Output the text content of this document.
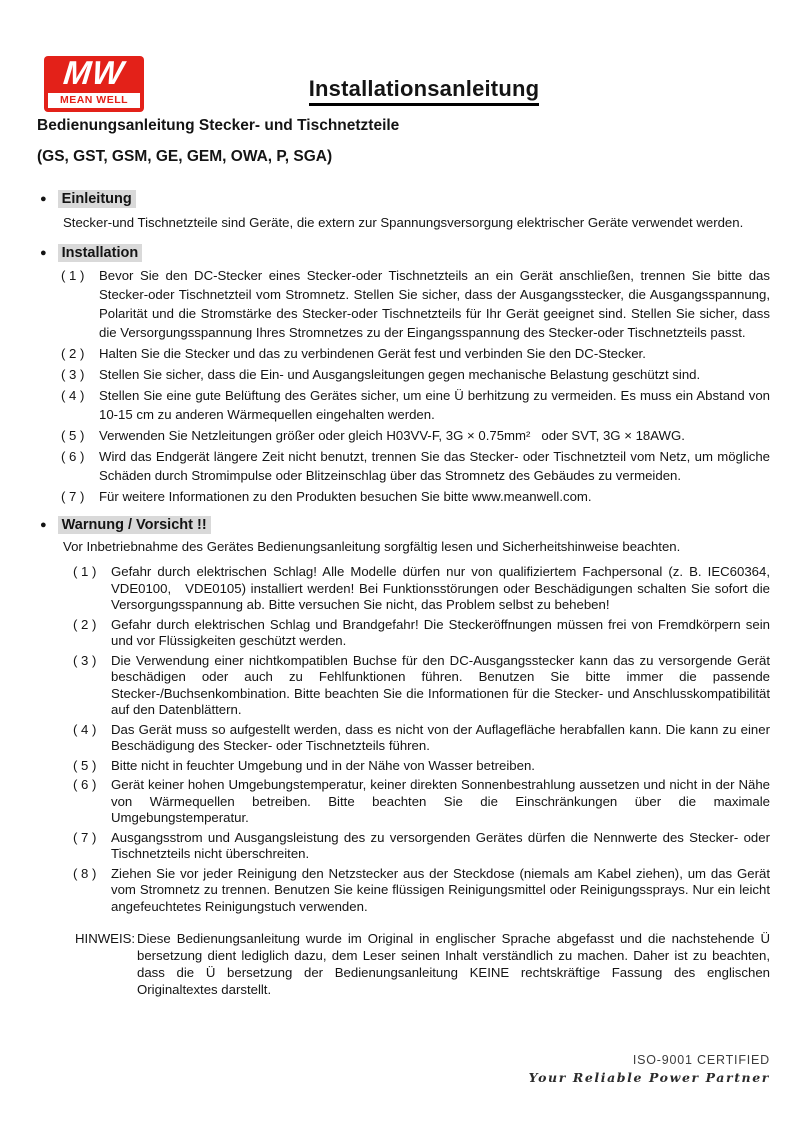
MW
MEAN WELL	Installationsanleitung
Bedienungsanleitung Stecker- und Tischnetzteile
(GS, GST, GSM, GE, GEM, OWA, P, SGA)
● Einleitung

Stecker-und Tischnetzteile sind Geräte, die extern zur Spannungsversorgung elektrischer Geräte verwendet werden.

● Installation
( 1 )	Bevor Sie den DC-Stecker eines Stecker-oder Tischnetzteils an ein Gerät anschließen, trennen Sie bitte das Stecker-oder Tischnetzteil vom Stromnetz. Stellen Sie sicher, dass der Ausgangsstecker, die Ausgangsspannung, Polarität und die Stromstärke des Stecker-oder Tischnetzteils für Ihr Gerät geeignet sind. Stellen Sie sicher, dass die Versorgungsspannung Ihres Stromnetzes zu der Eingangsspannung des Stecker-oder Tischnetzteils passt.
( 2 )	Halten Sie die Stecker und das zu verbindenen Gerät fest und verbinden Sie den DC-Stecker.
( 3 )	Stellen Sie sicher, dass die Ein- und Ausgangsleitungen gegen mechanische Belastung geschützt sind.
( 4 )	Stellen Sie eine gute Belüftung des Gerätes sicher, um eine Ü berhitzung zu vermeiden. Es muss ein Abstand von 10-15 cm zu anderen Wärmequellen eingehalten werden.
( 5 )	Verwenden Sie Netzleitungen größer oder gleich H03VV-F, 3G × 0.75mm²   oder SVT, 3G × 18AWG.
( 6 )	Wird das Endgerät längere Zeit nicht benutzt, trennen Sie das Stecker- oder Tischnetzteil vom Netz, um mögliche Schäden durch Stromimpulse oder Blitzeinschlag über das Stromnetz des Gebäudes zu vermeiden.
( 7 )	Für weitere Informationen zu den Produkten besuchen Sie bitte www.meanwell.com.
● Warnung / Vorsicht !!

Vor Inbetriebnahme des Gerätes Bedienungsanleitung sorgfältig lesen und Sicherheitshinweise beachten.

( 1 )	Gefahr durch elektrischen Schlag! Alle Modelle dürfen nur von qualifiziertem Fachpersonal (z. B. IEC60364, VDE0100,   VDE0105) installiert werden! Bei Funktionsstörungen oder Beschädigungen schalten Sie sofort die Versorgungsspannung ab. Bitte versuchen Sie nicht, das Problem selbst zu beheben!
( 2 )	Gefahr durch elektrischen Schlag und Brandgefahr! Die Steckeröffnungen müssen frei von Fremdkörpern sein und vor Flüssigkeiten geschützt werden.
( 3 )	Die Verwendung einer nichtkompatiblen Buchse für den DC-Ausgangsstecker kann das zu versorgende Gerät beschädigen oder auch zu Fehlfunktionen führen. Benutzen Sie bitte immer die passende Stecker-/Buchsenkombination. Bitte beachten Sie die Informationen für die Stecker- und Anschlusskompatibilität auf den Datenblättern.
( 4 )	Das Gerät muss so aufgestellt werden, dass es nicht von der Auflagefläche herabfallen kann. Die kann zu einer Beschädigung des Stecker- oder Tischnetzteils führen.
( 5 )	Bitte nicht in feuchter Umgebung und in der Nähe von Wasser betreiben.
( 6 )	Gerät keiner hohen Umgebungstemperatur, keiner direkten Sonnenbestrahlung aussetzen und nicht in der Nähe von Wärmequellen betreiben. Bitte beachten Sie die Einschränkungen über die maximale Umgebungstemperatur.
( 7 )	Ausgangsstrom und Ausgangsleistung des zu versorgenden Gerätes dürfen die Nennwerte des Stecker- oder Tischnetzteils nicht überschreiten.
( 8 )	Ziehen Sie vor jeder Reinigung den Netzstecker aus der Steckdose (niemals am Kabel ziehen), um das Gerät vom Stromnetz zu trennen. Benutzen Sie keine flüssigen Reinigungsmittel oder Reinigungssprays. Nur ein leicht angefeuchtetes Reinigungstuch verwenden.
HINWEIS: Diese Bedienungsanleitung wurde im Original in englischer Sprache abgefasst und die nachstehende Ü bersetzung dient lediglich dazu, dem Leser seinen Inhalt verständlich zu machen. Daher ist zu beachten, dass die Ü bersetzung der Bedienungsanleitung KEINE rechtskräftige Fassung des englischen Originaltextes darstellt.
ISO-9001 CERTIFIED
Your Reliable Power Partner
